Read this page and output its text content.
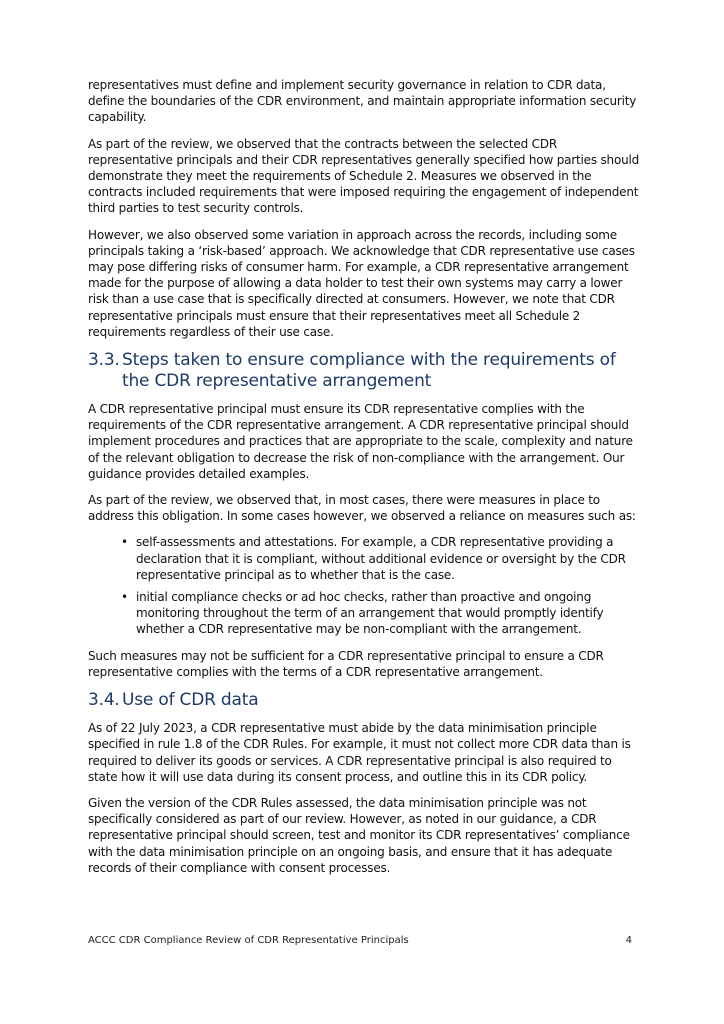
representatives must define and implement security governance in relation to CDR data, define the boundaries of the CDR environment, and maintain appropriate information security capability.

As part of the review, we observed that the contracts between the selected CDR representative principals and their CDR representatives generally specified how parties should demonstrate they meet the requirements of Schedule 2. Measures we observed in the contracts included requirements that were imposed requiring the engagement of independent third parties to test security controls.

However, we also observed some variation in approach across the records, including some principals taking a ‘risk-based’ approach. We acknowledge that CDR representative use cases may pose differing risks of consumer harm. For example, a CDR representative arrangement made for the purpose of allowing a data holder to test their own systems may carry a lower risk than a use case that is specifically directed at consumers. However, we note that CDR representative principals must ensure that their representatives meet all Schedule 2 requirements regardless of their use case.

3.3. Steps taken to ensure compliance with the requirements of the CDR representative arrangement

A CDR representative principal must ensure its CDR representative complies with the requirements of the CDR representative arrangement. A CDR representative principal should implement procedures and practices that are appropriate to the scale, complexity and nature of the relevant obligation to decrease the risk of non-compliance with the arrangement. Our guidance provides detailed examples.

As part of the review, we observed that, in most cases, there were measures in place to address this obligation. In some cases however, we observed a reliance on measures such as:

• self-assessments and attestations. For example, a CDR representative providing a declaration that it is compliant, without additional evidence or oversight by the CDR representative principal as to whether that is the case.
• initial compliance checks or ad hoc checks, rather than proactive and ongoing monitoring throughout the term of an arrangement that would promptly identify whether a CDR representative may be non-compliant with the arrangement.

Such measures may not be sufficient for a CDR representative principal to ensure a CDR representative complies with the terms of a CDR representative arrangement.

3.4. Use of CDR data

As of 22 July 2023, a CDR representative must abide by the data minimisation principle specified in rule 1.8 of the CDR Rules. For example, it must not collect more CDR data than is required to deliver its goods or services. A CDR representative principal is also required to state how it will use data during its consent process, and outline this in its CDR policy.

Given the version of the CDR Rules assessed, the data minimisation principle was not specifically considered as part of our review. However, as noted in our guidance, a CDR representative principal should screen, test and monitor its CDR representatives’ compliance with the data minimisation principle on an ongoing basis, and ensure that it has adequate records of their compliance with consent processes.

ACCC CDR Compliance Review of CDR Representative Principals	4
